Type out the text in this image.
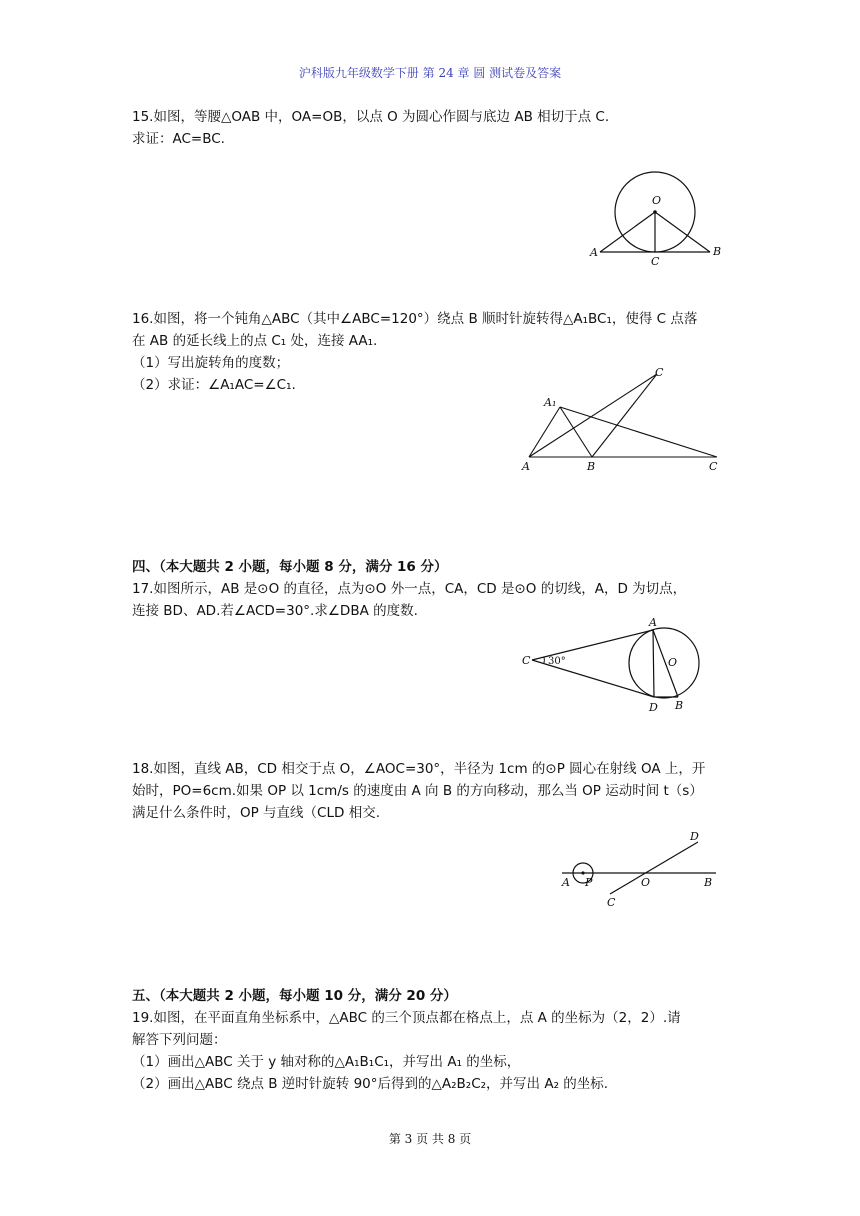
沪科版九年级数学下册 第 24 章 圆 测试卷及答案
15.如图，等腰△OAB 中，OA=OB，以点 O 为圆心作圆与底边 AB 相切于点 C.
求证：AC=BC.
O
A	B
C
16.如图，将一个钝角△ABC（其中∠ABC=120°）绕点 B 顺时针旋转得△A₁BC₁，使得 C 点落
在 AB 的延长线上的点 C₁ 处，连接 AA₁.
（1）写出旋转角的度数；
（2）求证：∠A₁AC=∠C₁.
A	B
C
A₁
C
四、（本大题共 2 小题，每小题 8 分，满分 16 分）
17.如图所示，AB 是⊙O 的直径，点为⊙O 外一点，CA，CD 是⊙O 的切线，A，D 为切点，
连接 BD、AD.若∠ACD=30°.求∠DBA 的度数.
C 30°
A
O
D B
18.如图，直线 AB，CD 相交于点 O，∠AOC=30°，半径为 1cm 的⊙P 圆心在射线 OA 上，开
始时，PO=6cm.如果 OP 以 1cm/s 的速度由 A 向 B 的方向移动，那么当 OP 运动时间 t（s）
满足什么条件时，OP 与直线（CLD 相交.
A P	O	B
C
D
五、（本大题共 2 小题，每小题 10 分，满分 20 分）
19.如图，在平面直角坐标系中，△ABC 的三个顶点都在格点上，点 A 的坐标为（2，2）.请
解答下列问题：
（1）画出△ABC 关于 y 轴对称的△A₁B₁C₁，并写出 A₁ 的坐标，
（2）画出△ABC 绕点 B 逆时针旋转 90°后得到的△A₂B₂C₂，并写出 A₂ 的坐标.
第 3 页 共 8 页
